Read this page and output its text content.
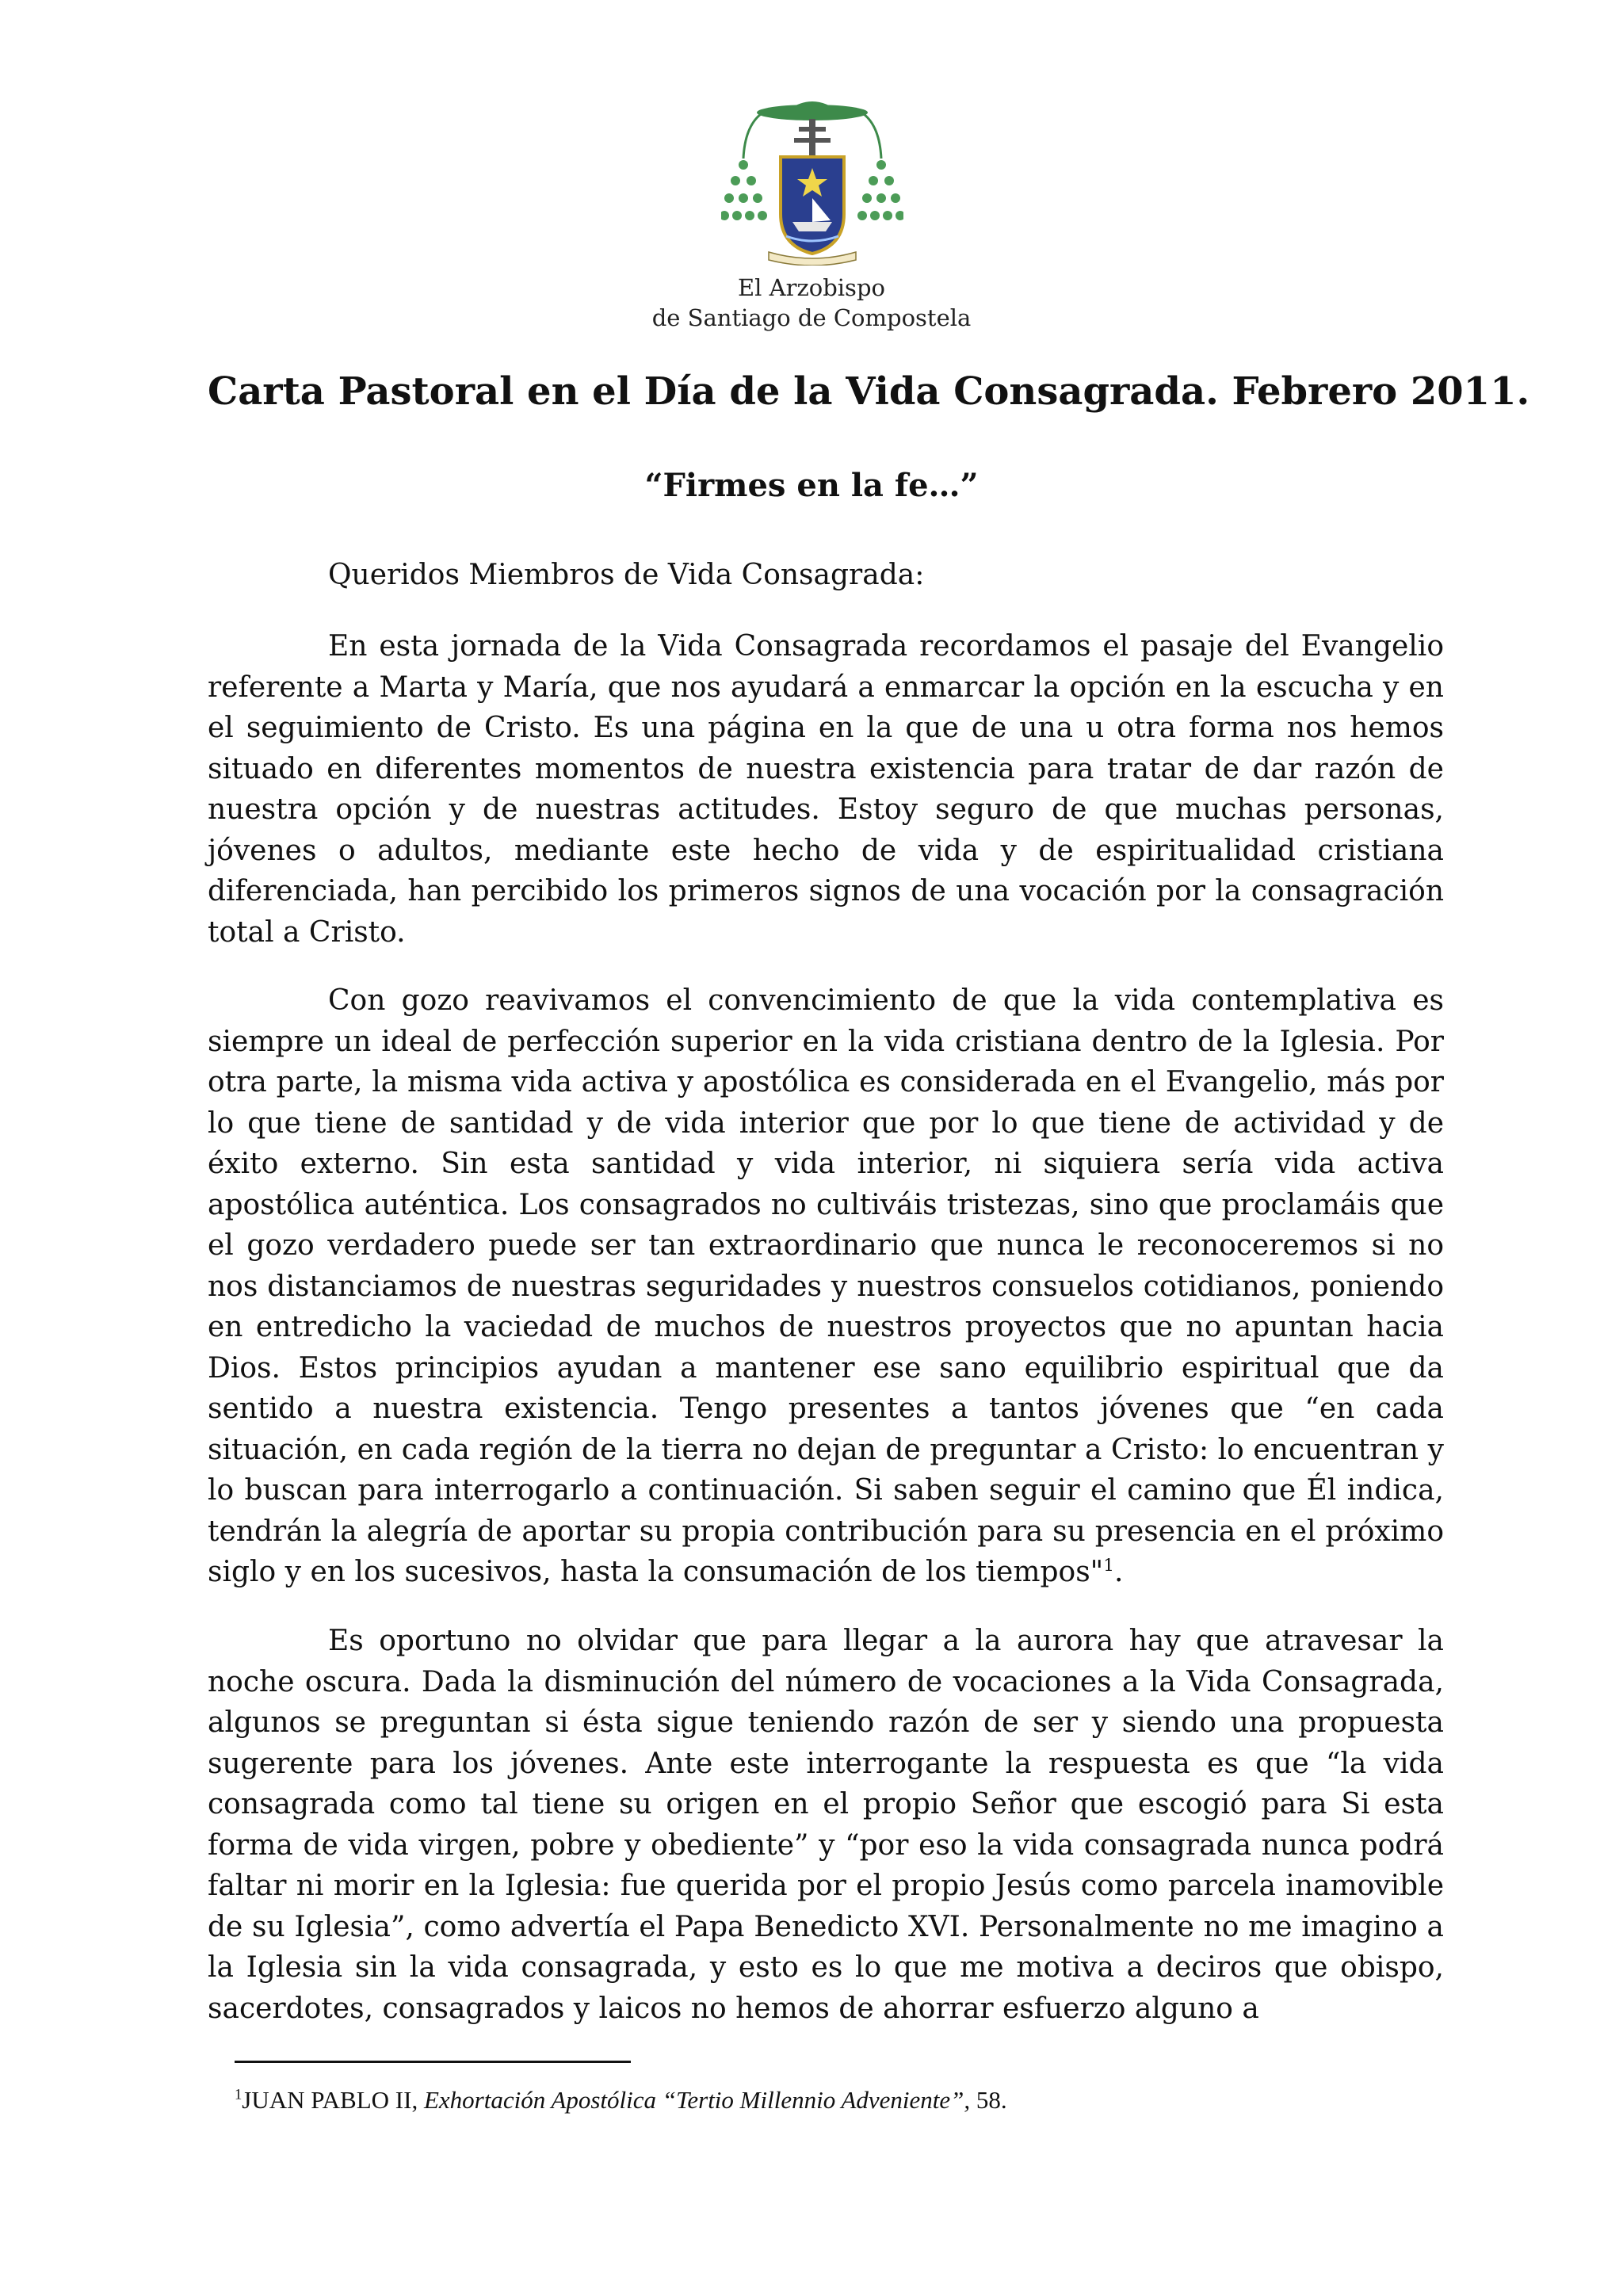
El Arzobispo
de Santiago de Compostela
Carta Pastoral en el Día de la Vida Consagrada. Febrero 2011.
“Firmes en la fe…”
Queridos Miembros de Vida Consagrada:

En esta jornada de la Vida Consagrada recordamos el pasaje del Evangelio referente a Marta y María, que nos ayudará a enmarcar la opción en la escucha y en el seguimiento de Cristo. Es una página en la que de una u otra forma nos hemos situado en diferentes momentos de nuestra existencia para tratar de dar razón de nuestra opción y de nuestras actitudes. Estoy seguro de que muchas personas, jóvenes o adultos, mediante este hecho de vida y de espiritualidad cristiana diferenciada, han percibido los primeros signos de una vocación por la consagración total a Cristo.

Con gozo reavivamos el convencimiento de que la vida contemplativa es siempre un ideal de perfección superior en la vida cristiana dentro de la Iglesia. Por otra parte, la misma vida activa y apostólica es considerada en el Evangelio, más por lo que tiene de santidad y de vida interior que por lo que tiene de actividad y de éxito externo. Sin esta santidad y vida interior, ni siquiera sería vida activa apostólica auténtica. Los consagrados no cultiváis tristezas, sino que proclamáis que el gozo verdadero puede ser tan extraordinario que nunca le reconoceremos si no nos distanciamos de nuestras seguridades y nuestros consuelos cotidianos, poniendo en entredicho la vaciedad de muchos de nuestros proyectos que no apuntan hacia Dios. Estos principios ayudan a mantener ese sano equilibrio espiritual que da sentido a nuestra existencia. Tengo presentes a tantos jóvenes que “en cada situación, en cada región de la tierra no dejan de preguntar a Cristo: lo encuentran y lo buscan para interrogarlo a continuación. Si saben seguir el camino que Él indica, tendrán la alegría de aportar su propia contribución para su presencia en el próximo siglo y en los sucesivos, hasta la consumación de los tiempos"$^1$.

Es oportuno no olvidar que para llegar a la aurora hay que atravesar la noche oscura. Dada la disminución del número de vocaciones a la Vida Consagrada, algunos se preguntan si ésta sigue teniendo razón de ser y siendo una propuesta sugerente para los jóvenes. Ante este interrogante la respuesta es que “la vida consagrada como tal tiene su origen en el propio Señor que escogió para Si esta forma de vida virgen, pobre y obediente” y “por eso la vida consagrada nunca podrá faltar ni morir en la Iglesia: fue querida por el propio Jesús como parcela inamovible de su Iglesia”, como advertía el Papa Benedicto XVI. Personalmente no me imagino a la Iglesia sin la vida consagrada, y esto es lo que me motiva a deciros que obispo, sacerdotes, consagrados y laicos no hemos de ahorrar esfuerzo alguno a

$^1$JUAN PABLO II, Exhortación Apostólica “Tertio Millennio Adveniente”, 58.
